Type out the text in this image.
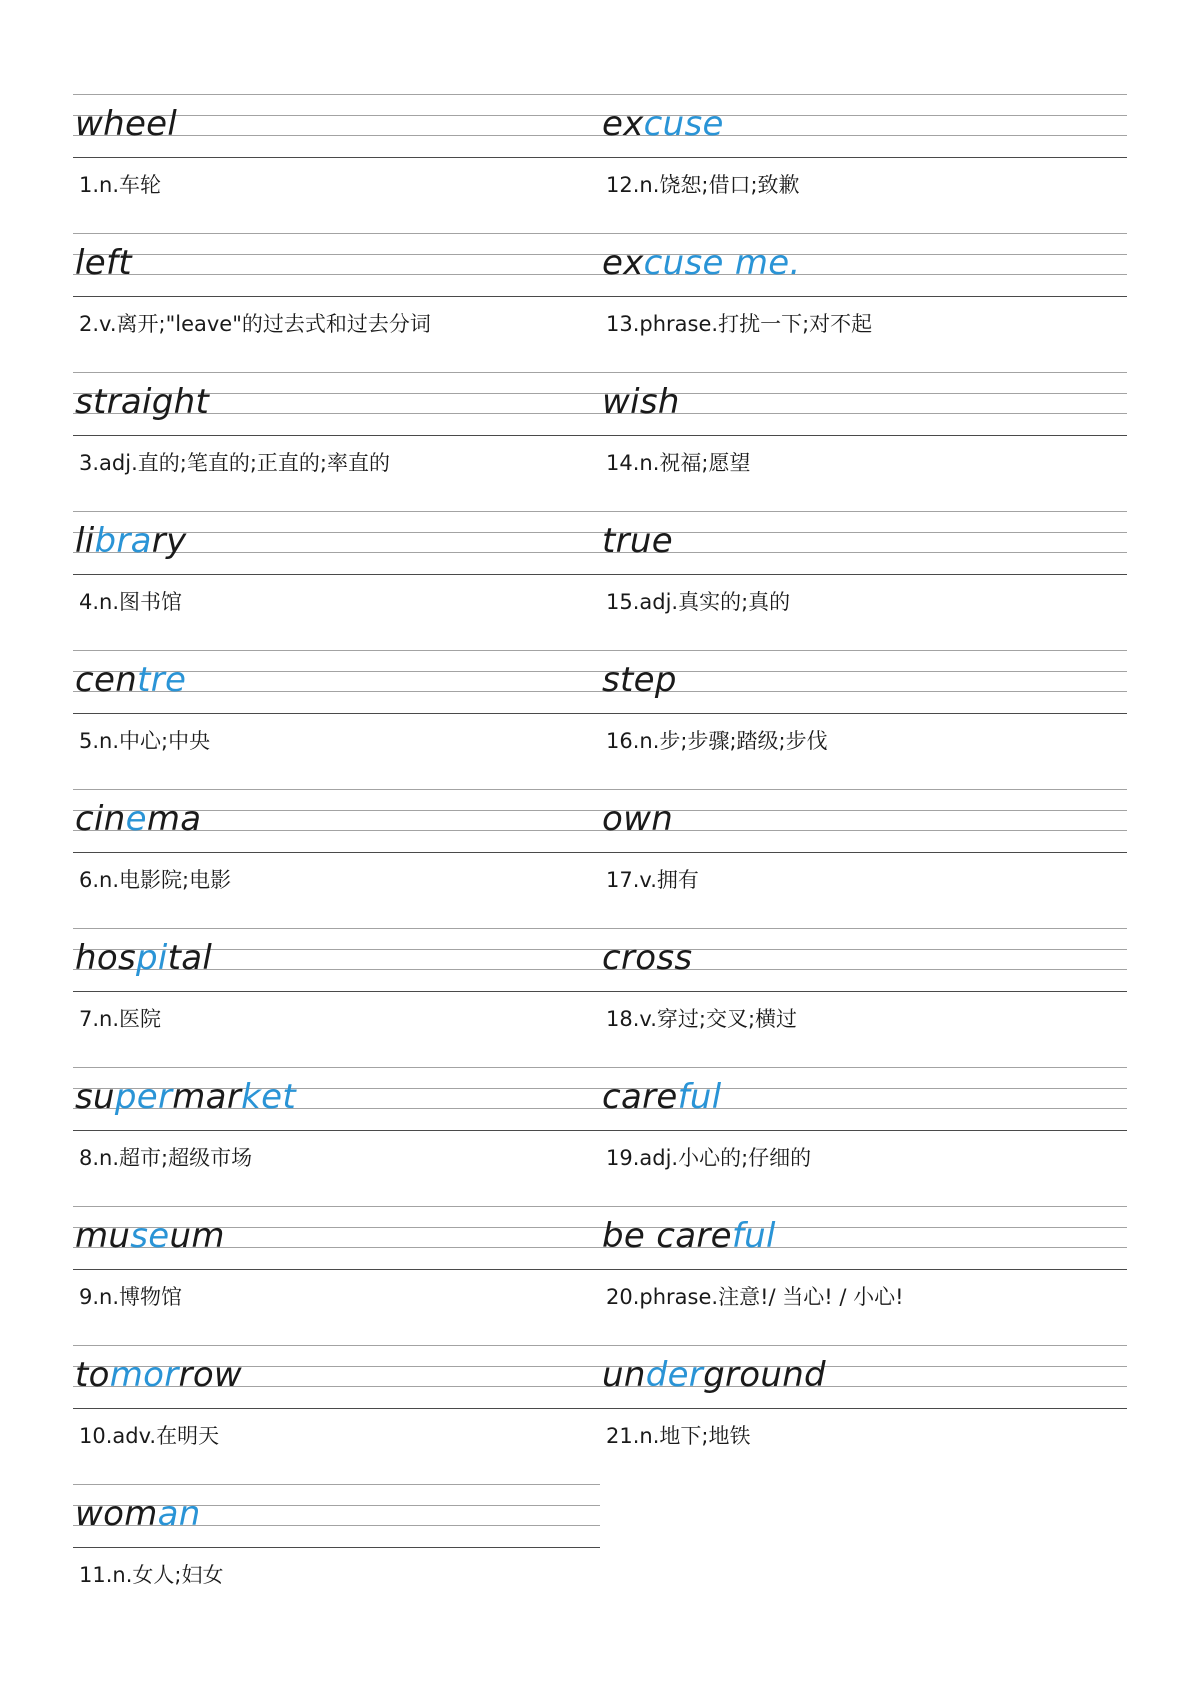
wheel
1.n.车轮
left
2.v.离开;"leave"的过去式和过去分词
straight
3.adj.直的;笔直的;正直的;率直的
library
4.n.图书馆
centre
5.n.中心;中央
cinema
6.n.电影院;电影
hospital
7.n.医院
supermarket
8.n.超市;超级市场
museum
9.n.博物馆
tomorrow
10.adv.在明天
woman
11.n.女人;妇女
excuse
12.n.饶恕;借口;致歉
excuse me.
13.phrase.打扰一下;对不起
wish
14.n.祝福;愿望
true
15.adj.真实的;真的
step
16.n.步;步骤;踏级;步伐
own
17.v.拥有
cross
18.v.穿过;交叉;横过
careful
19.adj.小心的;仔细的
be careful
20.phrase.注意!/ 当心! / 小心!
underground
21.n.地下;地铁
